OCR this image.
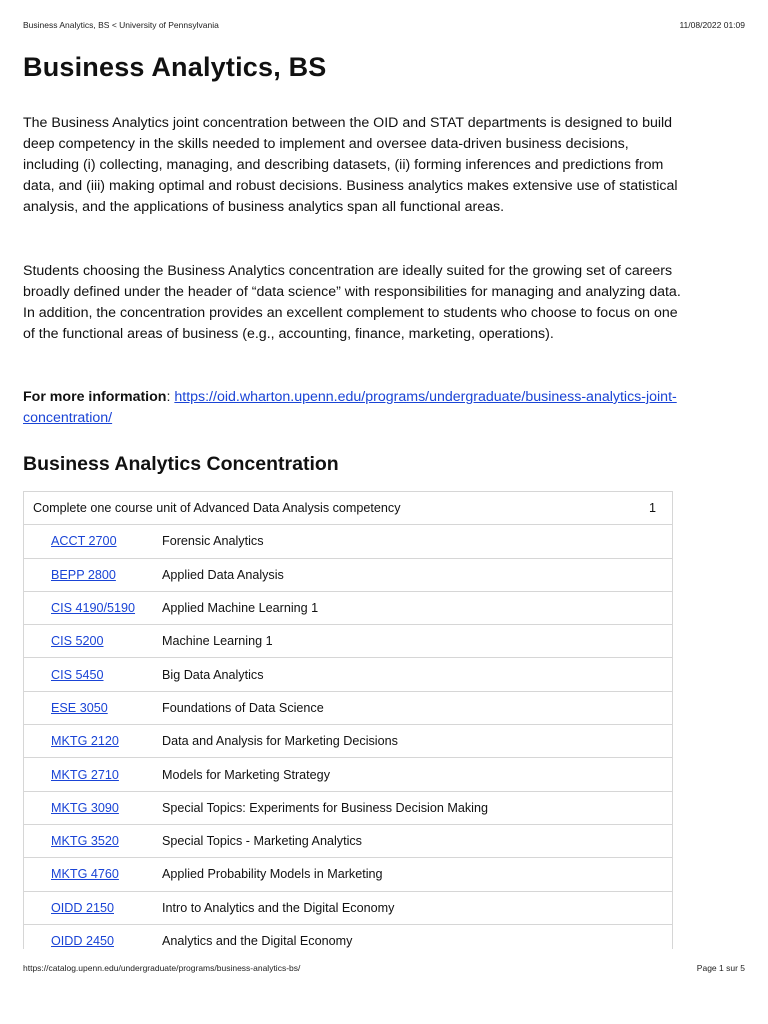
Business Analytics, BS < University of Pennsylvania	11/08/2022 01:09
Business Analytics, BS

The Business Analytics joint concentration between the OID and STAT departments is designed to build deep competency in the skills needed to implement and oversee data-driven business decisions, including (i) collecting, managing, and describing datasets, (ii) forming inferences and predictions from data, and (iii) making optimal and robust decisions. Business analytics makes extensive use of statistical analysis, and the applications of business analytics span all functional areas.

Students choosing the Business Analytics concentration are ideally suited for the growing set of careers broadly defined under the header of “data science” with responsibilities for managing and analyzing data. In addition, the concentration provides an excellent complement to students who choose to focus on one of the functional areas of business (e.g., accounting, finance, marketing, operations).

For more information: https://oid.wharton.upenn.edu/programs/undergraduate/business-analytics-joint-concentration/

Business Analytics Concentration
Complete one course unit of Advanced Data Analysis competency	1
ACCT 2700	Forensic Analytics
BEPP 2800	Applied Data Analysis
CIS 4190/5190	Applied Machine Learning 1
CIS 5200	Machine Learning 1
CIS 5450	Big Data Analytics
ESE 3050	Foundations of Data Science
MKTG 2120	Data and Analysis for Marketing Decisions
MKTG 2710	Models for Marketing Strategy
MKTG 3090	Special Topics: Experiments for Business Decision Making
MKTG 3520	Special Topics - Marketing Analytics
MKTG 4760	Applied Probability Models in Marketing
OIDD 2150	Intro to Analytics and the Digital Economy
OIDD 2450	Analytics and the Digital Economy
https://catalog.upenn.edu/undergraduate/programs/business-analytics-bs/	Page 1 sur 5
